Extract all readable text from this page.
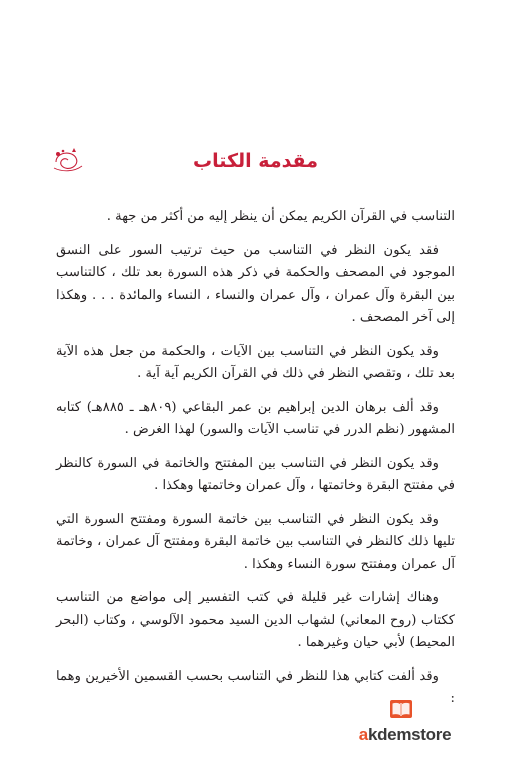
مقدمة الكتاب

التناسب في القرآن الكريم يمكن أن ينظر إليه من أكثر من جهة .

فقد يكون النظر في التناسب من حيث ترتيب السور على النسق الموجود في المصحف والحكمة في ذكر هذه السورة بعد تلك ، كالتناسب بين البقرة وآل عمران ، وآل عمران والنساء ، النساء والمائدة . . . وهكذا إلى آخر المصحف .

وقد يكون النظر في التناسب بين الآيات ، والحكمة من جعل هذه الآية بعد تلك ، وتقصي النظر في ذلك في القرآن الكريم آية آية .

وقد ألف برهان الدين إبراهيم بن عمر البقاعي (٨٠٩هـ ـ ٨٨٥هـ) كتابه المشهور (نظم الدرر في تناسب الآيات والسور) لهذا الغرض .

وقد يكون النظر في التناسب بين المفتتح والخاتمة في السورة كالنظر في مفتتح البقرة وخاتمتها ، وآل عمران وخاتمتها وهكذا .

وقد يكون النظر في التناسب بين خاتمة السورة ومفتتح السورة التي تليها ذلك كالنظر في التناسب بين خاتمة البقرة ومفتتح آل عمران ، وخاتمة آل عمران ومفتتح سورة النساء وهكذا .

وهناك إشارات غير قليلة في كتب التفسير إلى مواضع من التناسب ككتاب (روح المعاني) لشهاب الدين السيد محمود الآلوسي ، وكتاب (البحر المحيط) لأبي حيان وغيرهما .

وقد ألفت كتابي هذا للنظر في التناسب بحسب القسمين الأخيرين وهما :

akdemstore
